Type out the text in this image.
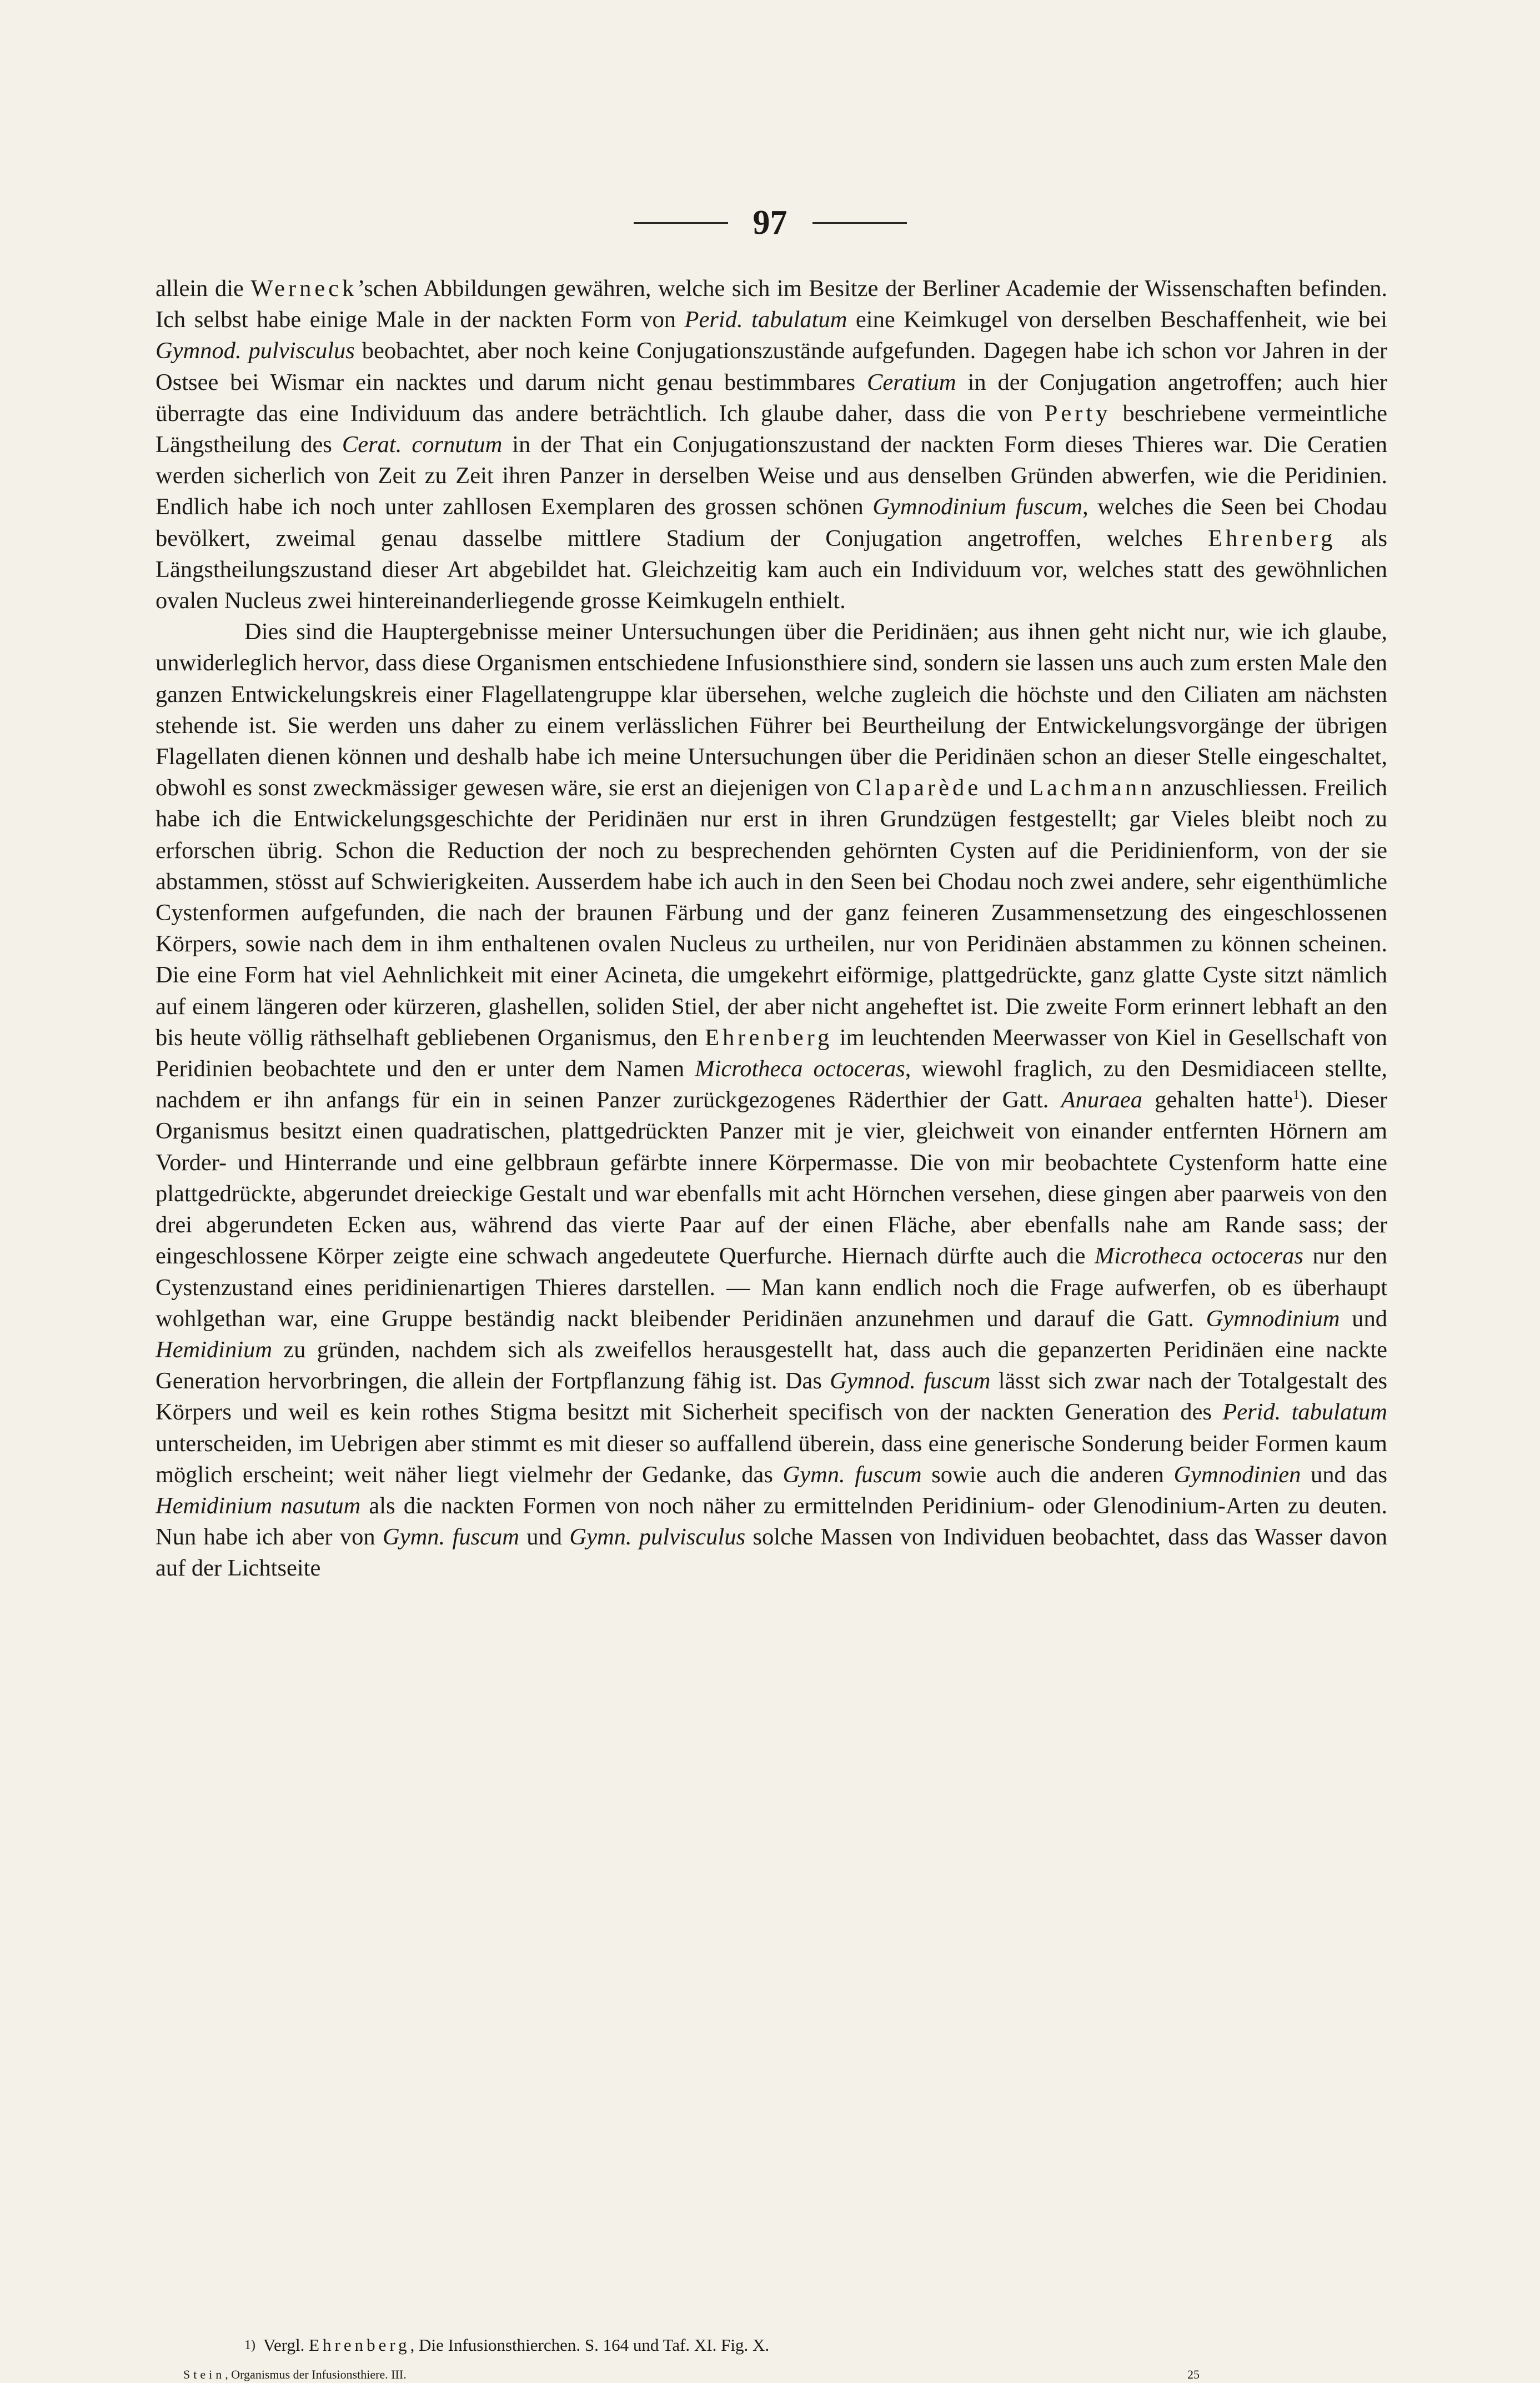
97

allein die Werneck’schen Abbildungen gewähren, welche sich im Besitze der Berliner Academie der Wissenschaften befinden. Ich selbst habe einige Male in der nackten Form von Perid. tabulatum eine Keimkugel von derselben Beschaffenheit, wie bei Gymnod. pulvisculus beobachtet, aber noch keine Conjugationszustände aufgefunden. Dagegen habe ich schon vor Jahren in der Ostsee bei Wismar ein nacktes und darum nicht genau bestimmbares Ceratium in der Conjugation angetroffen; auch hier überragte das eine Individuum das andere beträchtlich. Ich glaube daher, dass die von Perty beschriebene vermeintliche Längstheilung des Cerat. cornutum in der That ein Conjugationszustand der nackten Form dieses Thieres war. Die Ceratien werden sicherlich von Zeit zu Zeit ihren Panzer in derselben Weise und aus denselben Gründen abwerfen, wie die Peridinien. Endlich habe ich noch unter zahllosen Exemplaren des grossen schönen Gymnodinium fuscum, welches die Seen bei Chodau bevölkert, zweimal genau dasselbe mittlere Stadium der Conjugation angetroffen, welches Ehrenberg als Längstheilungszustand dieser Art abgebildet hat. Gleichzeitig kam auch ein Individuum vor, welches statt des gewöhnlichen ovalen Nucleus zwei hintereinanderliegende grosse Keimkugeln enthielt.

Dies sind die Hauptergebnisse meiner Untersuchungen über die Peridinäen; aus ihnen geht nicht nur, wie ich glaube, unwiderleglich hervor, dass diese Organismen entschiedene Infusionsthiere sind, sondern sie lassen uns auch zum ersten Male den ganzen Entwickelungskreis einer Flagellatengruppe klar übersehen, welche zugleich die höchste und den Ciliaten am nächsten stehende ist. Sie werden uns daher zu einem verlässlichen Führer bei Beurtheilung der Entwickelungsvorgänge der übrigen Flagellaten dienen können und deshalb habe ich meine Untersuchungen über die Peridinäen schon an dieser Stelle eingeschaltet, obwohl es sonst zweckmässiger gewesen wäre, sie erst an diejenigen von Claparède und Lachmann anzuschliessen. Freilich habe ich die Entwickelungsgeschichte der Peridinäen nur erst in ihren Grundzügen festgestellt; gar Vieles bleibt noch zu erforschen übrig. Schon die Reduction der noch zu besprechenden gehörnten Cysten auf die Peridinienform, von der sie abstammen, stösst auf Schwierigkeiten. Ausserdem habe ich auch in den Seen bei Chodau noch zwei andere, sehr eigenthümliche Cystenformen aufgefunden, die nach der braunen Färbung und der ganz feineren Zusammensetzung des eingeschlossenen Körpers, sowie nach dem in ihm enthaltenen ovalen Nucleus zu urtheilen, nur von Peridinäen abstammen zu können scheinen. Die eine Form hat viel Aehnlichkeit mit einer Acineta, die umgekehrt eiförmige, plattgedrückte, ganz glatte Cyste sitzt nämlich auf einem längeren oder kürzeren, glashellen, soliden Stiel, der aber nicht angeheftet ist. Die zweite Form erinnert lebhaft an den bis heute völlig räthselhaft gebliebenen Organismus, den Ehrenberg im leuchtenden Meerwasser von Kiel in Gesellschaft von Peridinien beobachtete und den er unter dem Namen Microtheca octoceras, wiewohl fraglich, zu den Desmidiaceen stellte, nachdem er ihn anfangs für ein in seinen Panzer zurückgezogenes Räderthier der Gatt. Anuraea gehalten hatte$^1$). Dieser Organismus besitzt einen quadratischen, plattgedrückten Panzer mit je vier, gleichweit von einander entfernten Hörnern am Vorder- und Hinterrande und eine gelbbraun gefärbte innere Körpermasse. Die von mir beobachtete Cystenform hatte eine plattgedrückte, abgerundet dreieckige Gestalt und war ebenfalls mit acht Hörnchen versehen, diese gingen aber paarweis von den drei abgerundeten Ecken aus, während das vierte Paar auf der einen Fläche, aber ebenfalls nahe am Rande sass; der eingeschlossene Körper zeigte eine schwach angedeutete Querfurche. Hiernach dürfte auch die Microtheca octoceras nur den Cystenzustand eines peridinienartigen Thieres darstellen. — Man kann endlich noch die Frage aufwerfen, ob es überhaupt wohlgethan war, eine Gruppe beständig nackt bleibender Peridinäen anzunehmen und darauf die Gatt. Gymnodinium und Hemidinium zu gründen, nachdem sich als zweifellos herausgestellt hat, dass auch die gepanzerten Peridinäen eine nackte Generation hervorbringen, die allein der Fortpflanzung fähig ist. Das Gymnod. fuscum lässt sich zwar nach der Totalgestalt des Körpers und weil es kein rothes Stigma besitzt mit Sicherheit specifisch von der nackten Generation des Perid. tabulatum unterscheiden, im Uebrigen aber stimmt es mit dieser so auffallend überein, dass eine generische Sonderung beider Formen kaum möglich erscheint; weit näher liegt vielmehr der Gedanke, das Gymn. fuscum sowie auch die anderen Gymnodinien und das Hemidinium nasutum als die nackten Formen von noch näher zu ermittelnden Peridinium- oder Glenodinium-Arten zu deuten. Nun habe ich aber von Gymn. fuscum und Gymn. pulvisculus solche Massen von Individuen beobachtet, dass das Wasser davon auf der Lichtseite

$^{1)}$ Vergl. Ehrenberg, Die Infusionsthierchen. S. 164 und Taf. XI. Fig. X.
Stein, Organismus der Infusionsthiere. III.	25
